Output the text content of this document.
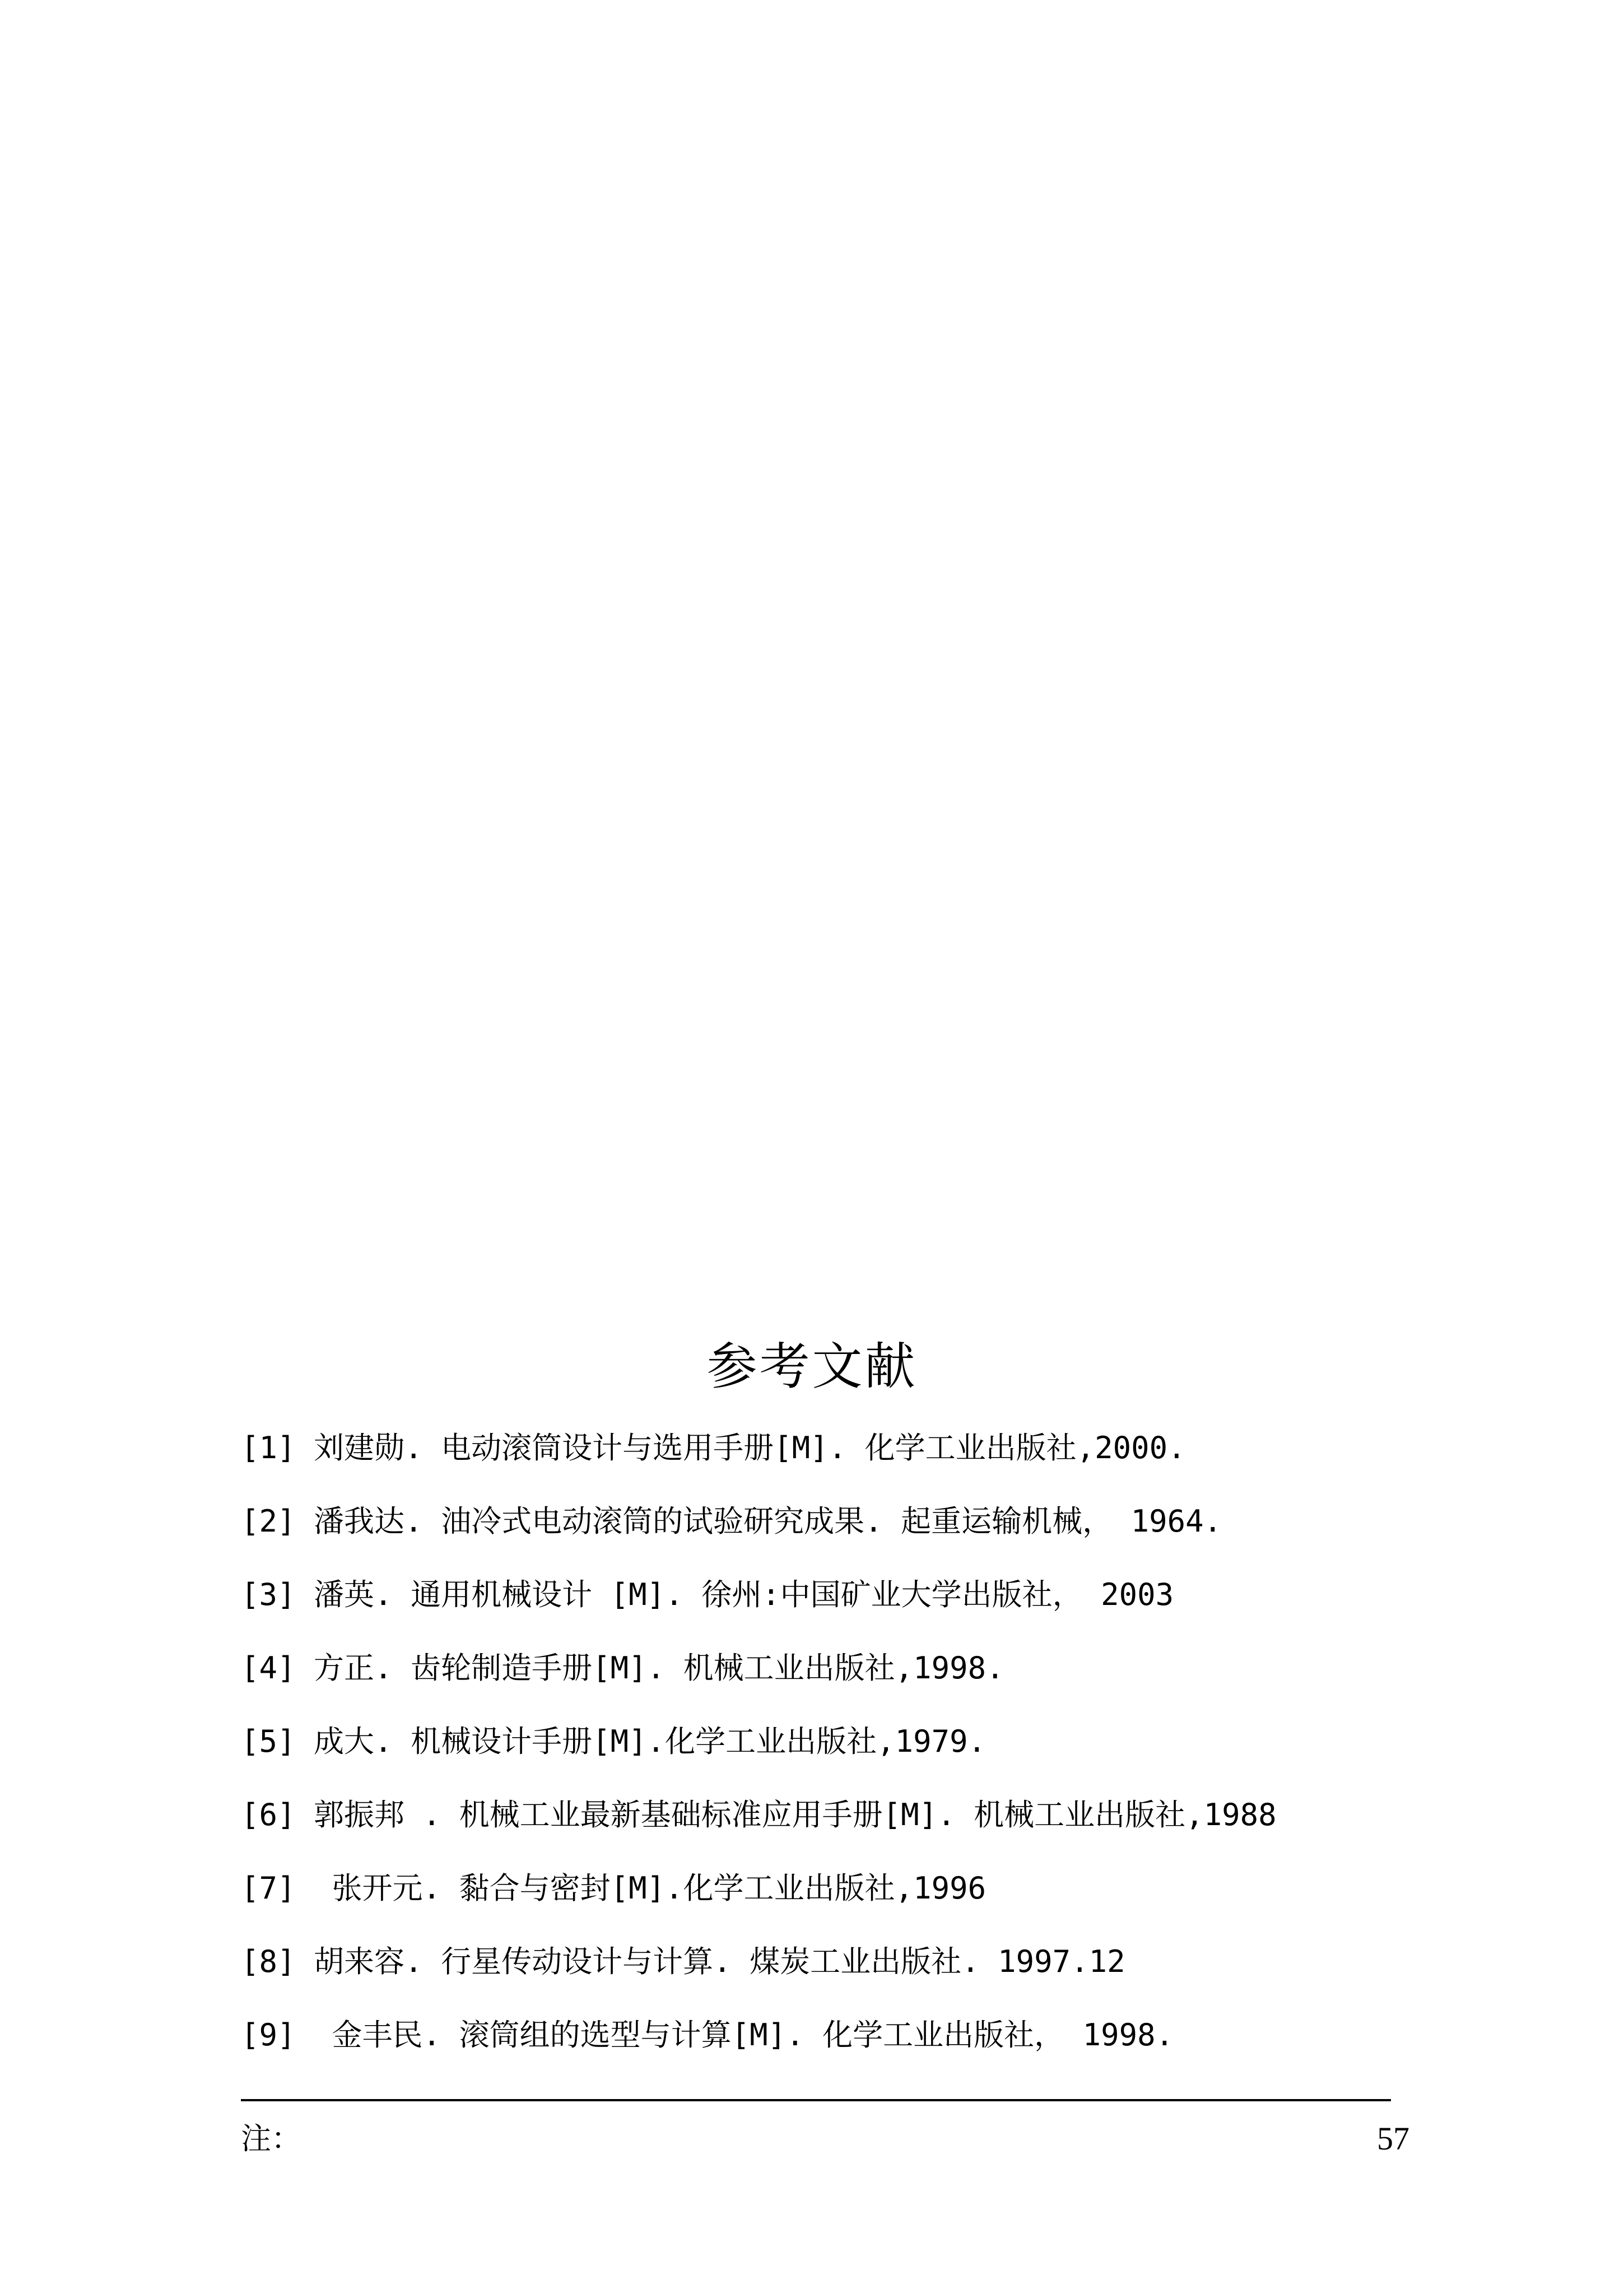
参考文献
[1] 刘建勋. 电动滚筒设计与选用手册[M]. 化学工业出版社,2000.
[2] 潘我达. 油冷式电动滚筒的试验研究成果. 起重运输机械， 1964.
[3] 潘英. 通用机械设计 [M]. 徐州:中国矿业大学出版社， 2003
[4] 方正. 齿轮制造手册[M]. 机械工业出版社,1998.
[5] 成大. 机械设计手册[M].化学工业出版社,1979.
[6] 郭振邦 . 机械工业最新基础标准应用手册[M]. 机械工业出版社,1988
[7]  张开元. 黏合与密封[M].化学工业出版社,1996
[8] 胡来容. 行星传动设计与计算. 煤炭工业出版社. 1997.12
[9]  金丰民. 滚筒组的选型与计算[M]. 化学工业出版社， 1998.
注：	57
